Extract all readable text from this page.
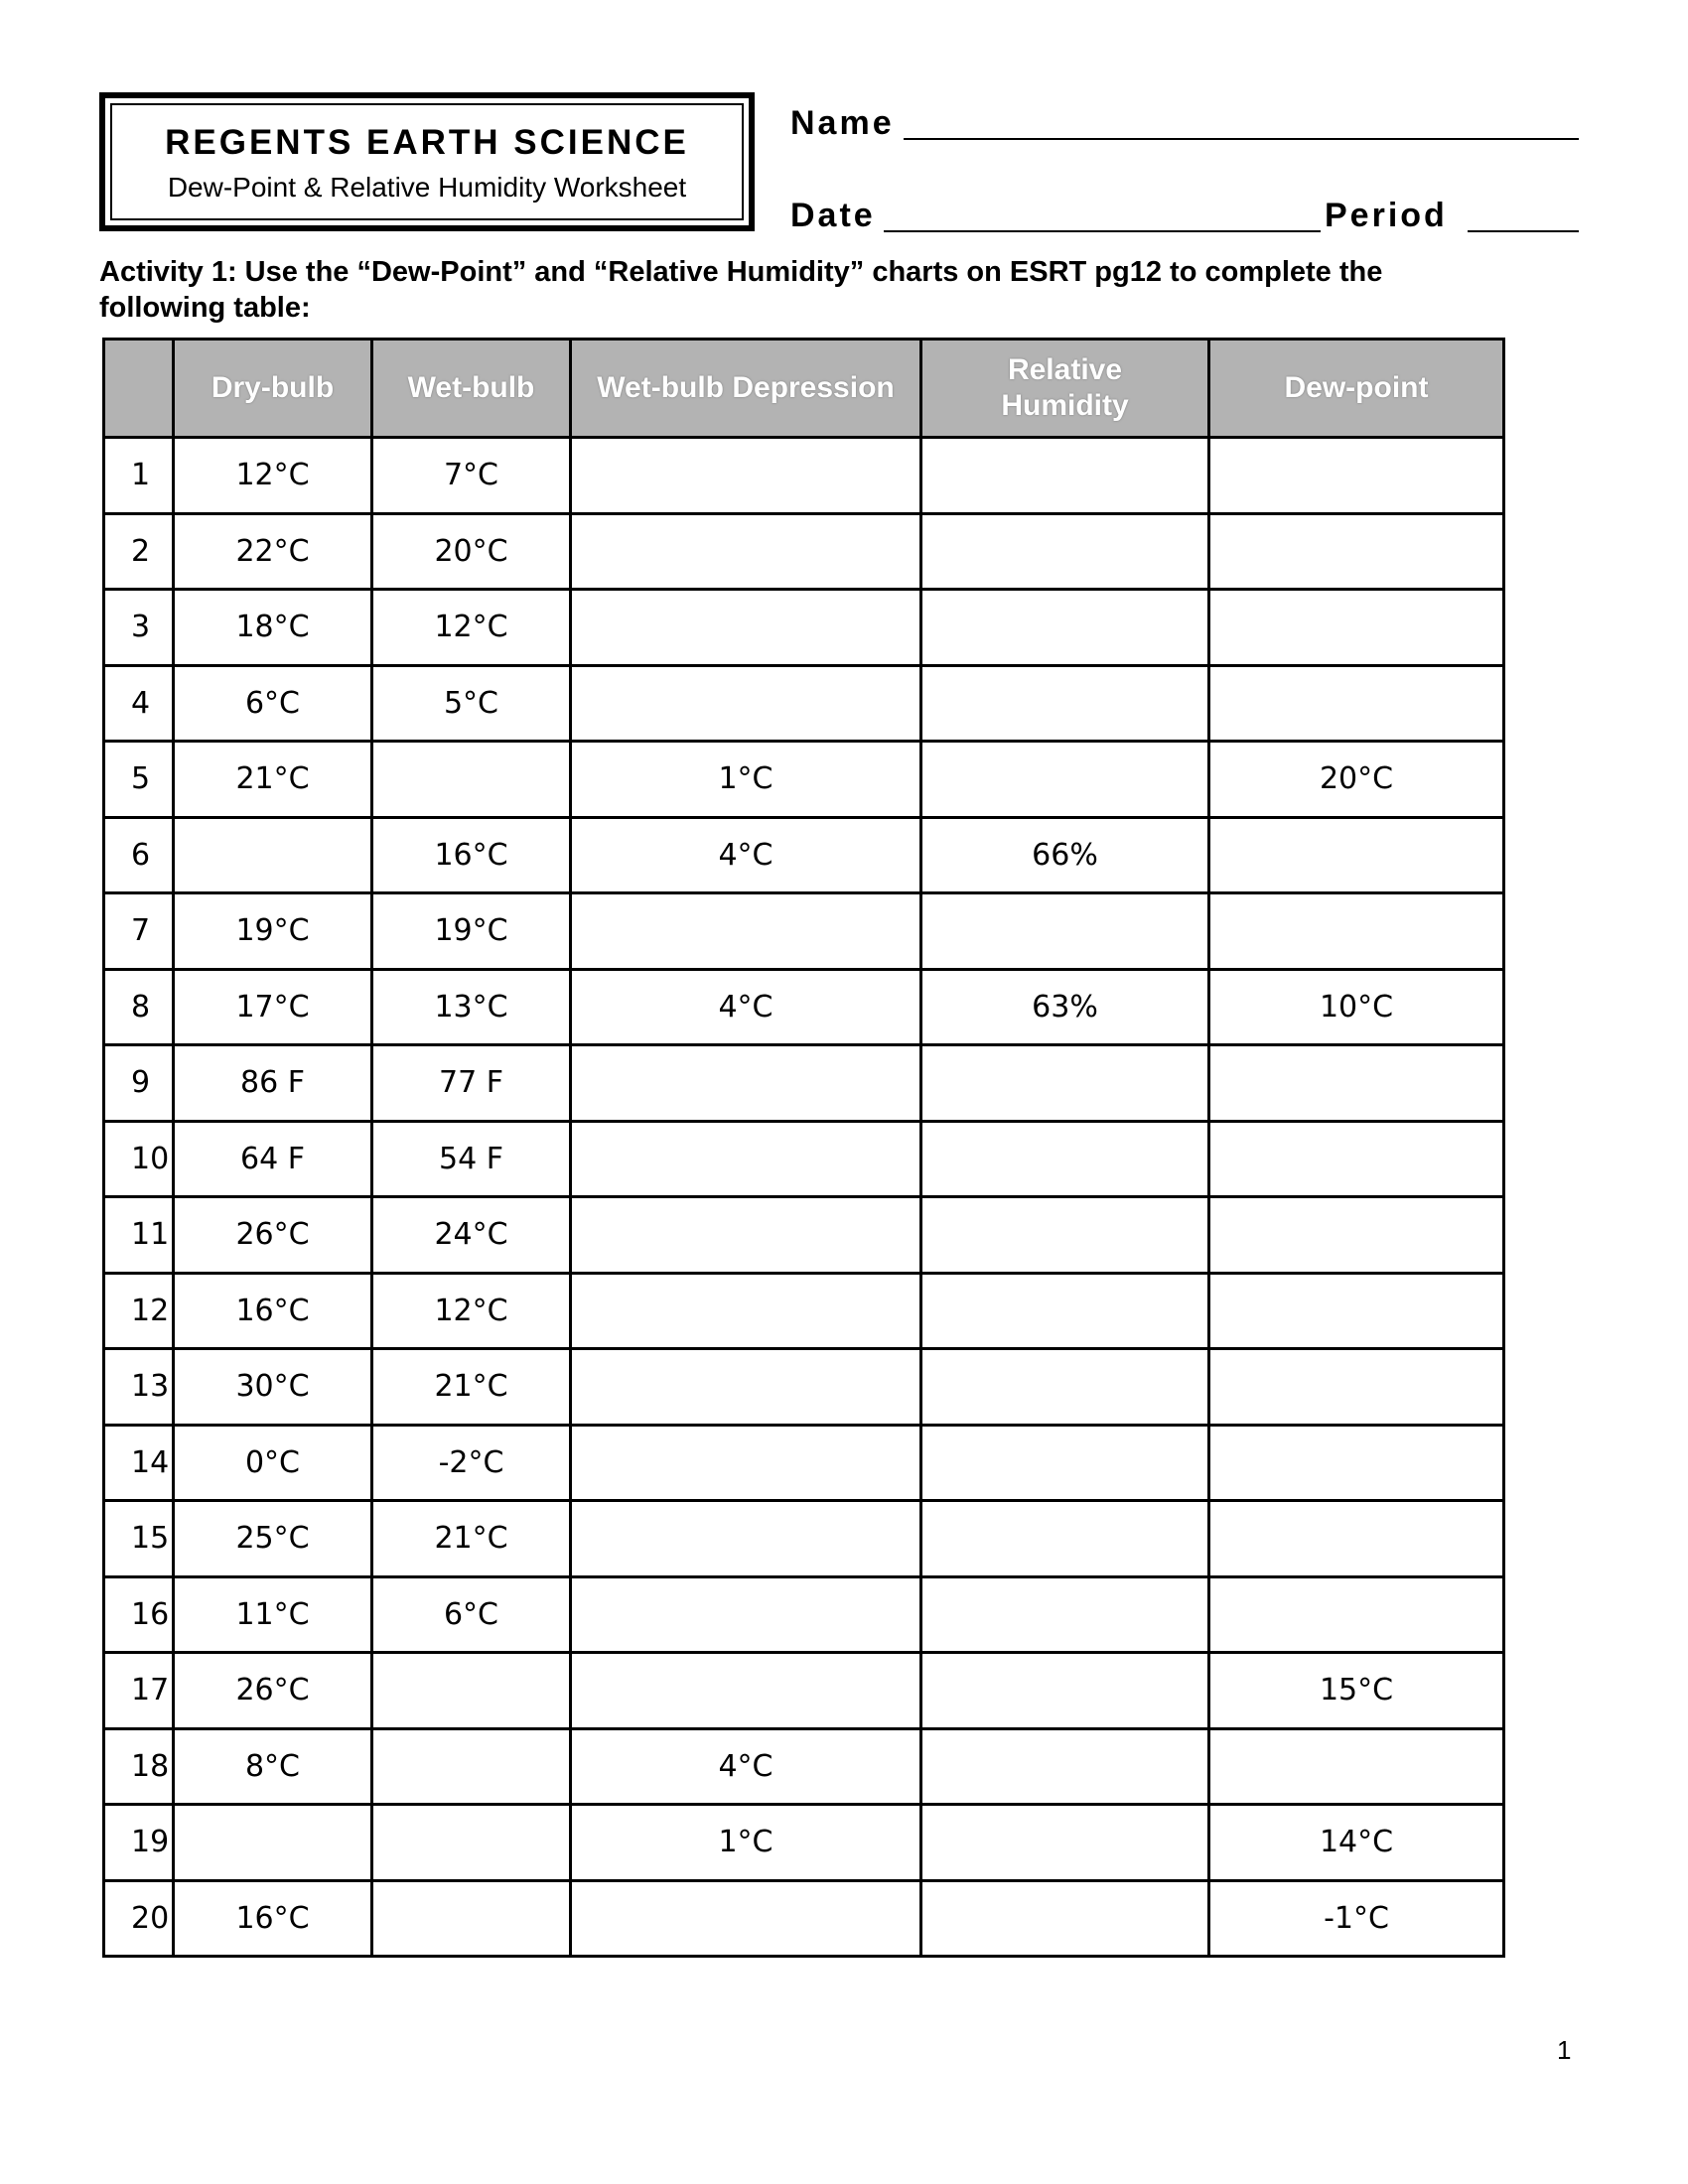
REGENTS EARTH SCIENCE
Dew-Point & Relative Humidity Worksheet
Name
Date	Period
Activity 1: Use the “Dew-Point” and “Relative Humidity” charts on ESRT pg12 to complete the following table:
	Dry-bulb	Wet-bulb	Wet-bulb Depression	Relative Humidity	Dew-point
1	12°C	7°C			
2	22°C	20°C			
3	18°C	12°C			
4	6°C	5°C			
5	21°C		1°C		20°C
6		16°C	4°C	66%	
7	19°C	19°C			
8	17°C	13°C	4°C	63%	10°C
9	86 F	77 F			
10	64 F	54 F			
11	26°C	24°C			
12	16°C	12°C			
13	30°C	21°C			
14	0°C	-2°C			
15	25°C	21°C			
16	11°C	6°C			
17	26°C				15°C
18	8°C		4°C		
19			1°C		14°C
20	16°C				-1°C
1
